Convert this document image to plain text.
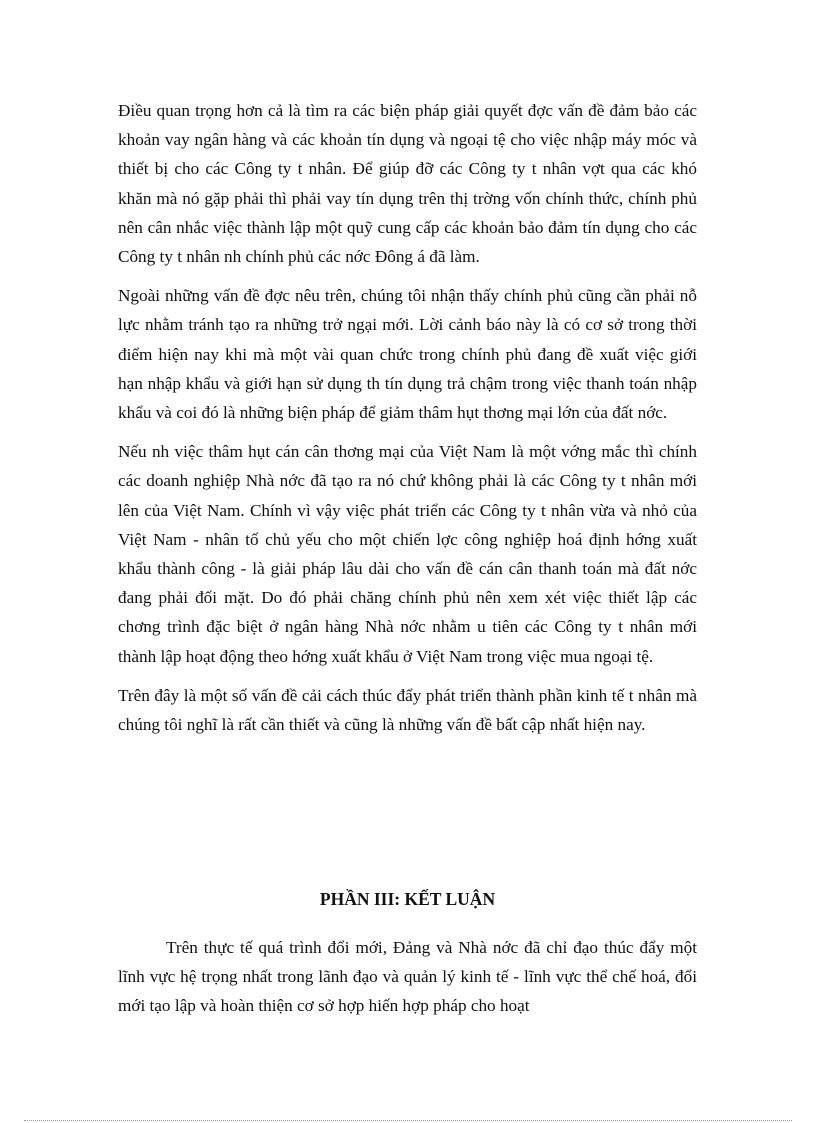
Điều quan trọng hơn cả là tìm ra các biện pháp giải quyết đợc vấn đề đảm bảo các khoản vay ngân hàng và các khoản tín dụng và ngoại tệ cho việc nhập máy móc và thiết bị cho các Công ty t nhân. Để giúp đỡ các Công ty t nhân vợt qua các khó khăn mà nó gặp phải thì phải vay tín dụng trên thị trờng vốn chính thức, chính phủ nên cân nhắc việc thành lập một quỹ cung cấp các khoản bảo đảm tín dụng cho các Công ty t nhân nh chính phủ các nớc Đông á đã làm.

Ngoài những vấn đề đợc nêu trên, chúng tôi nhận thấy chính phủ cũng cần phải nỗ lực nhằm tránh tạo ra những trở ngại mới. Lời cảnh báo này là có cơ sở trong thời điểm hiện nay khi mà một vài quan chức trong chính phủ đang đề xuất việc giới hạn nhập khẩu và giới hạn sử dụng th tín dụng trả chậm trong việc thanh toán nhập khẩu và coi đó là những biện pháp để giảm thâm hụt thơng mại lớn của đất nớc.

Nếu nh việc thâm hụt cán cân thơng mại của Việt Nam là một vớng mắc thì chính các doanh nghiệp Nhà nớc đã tạo ra nó chứ không phải là các Công ty t nhân mới lên của Việt Nam. Chính vì vậy việc phát triển các Công ty t nhân vừa và nhỏ của Việt Nam - nhân tố chủ yếu cho một chiến lợc công nghiệp hoá định hớng xuất khẩu thành công - là giải pháp lâu dài cho vấn đề cán cân thanh toán mà đất nớc đang phải đối mặt. Do đó phải chăng chính phủ nên xem xét việc thiết lập các chơng trình đặc biệt ở ngân hàng Nhà nớc nhằm u tiên các Công ty t nhân mới thành lập hoạt động theo hớng xuất khẩu ở Việt Nam trong việc mua ngoại tệ.

Trên đây là một số vấn đề cải cách thúc đẩy phát triển thành phần kinh tế t nhân mà chúng tôi nghĩ là rất cần thiết và cũng là những vấn đề bất cập nhất hiện nay.

PHẦN III: KẾT LUẬN

Trên thực tế quá trình đổi mới, Đảng và Nhà nớc đã chỉ đạo thúc đẩy một lĩnh vực hệ trọng nhất trong lãnh đạo và quản lý kinh tế - lĩnh vực thể chế hoá, đổi mới tạo lập và hoàn thiện cơ sở hợp hiến hợp pháp cho hoạt
